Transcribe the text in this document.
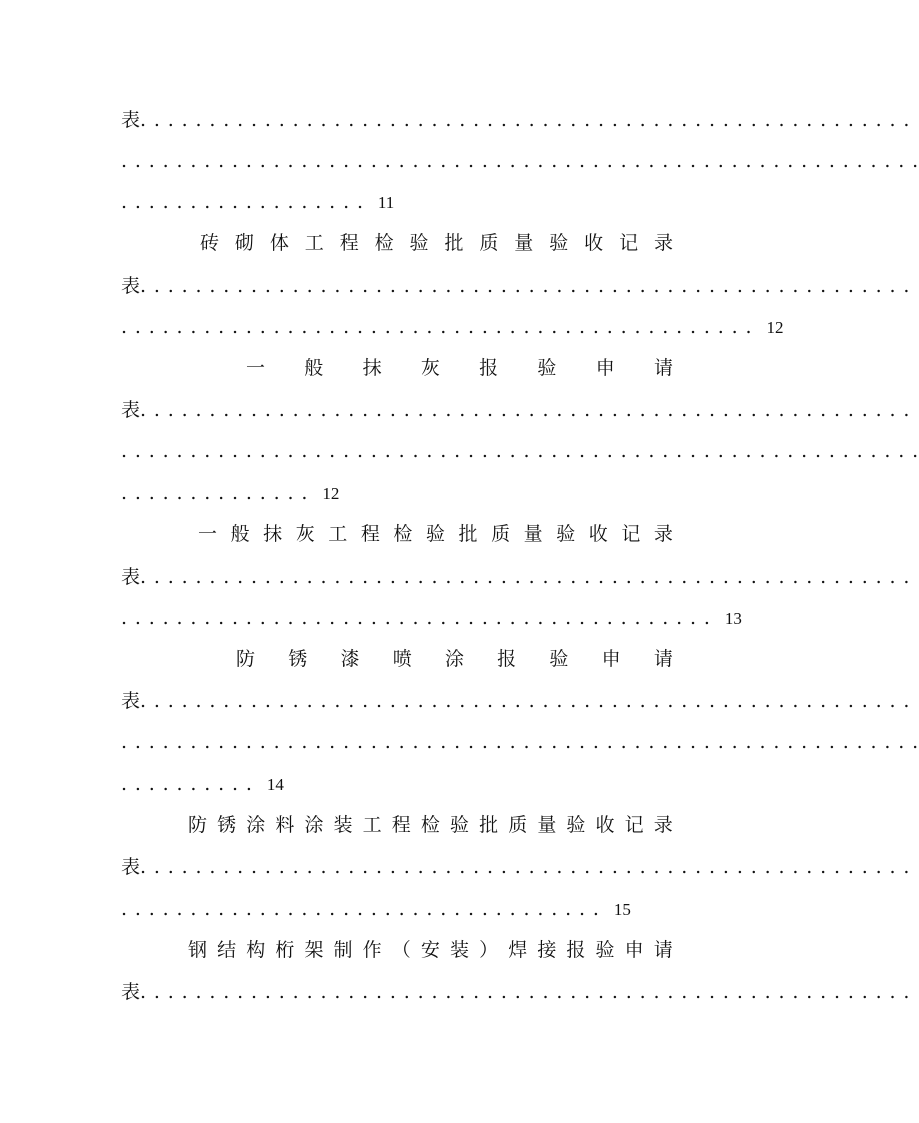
表. . . . . . . . . . . . . . . . . . . . . . . . . . . . . . . . . . . . . . . . . . . . . . . . . . . . . . . .
. . . . . . . . . . . . . . . . . . . . . . . . . . . . . . . . . . . . . . . . . . . . . . . . . . . . . . . . . .
. . . . . . . . . . . . . . . . . . 11
砖 砌 体 工 程 检 验 批 质 量 验 收 记 录
表. . . . . . . . . . . . . . . . . . . . . . . . . . . . . . . . . . . . . . . . . . . . . . . . . . . . . . . .
. . . . . . . . . . . . . . . . . . . . . . . . . . . . . . . . . . . . . . . . . . . . . . 12
一 般 抹 灰 报 验 申 请
表. . . . . . . . . . . . . . . . . . . . . . . . . . . . . . . . . . . . . . . . . . . . . . . . . . . . . . . .
. . . . . . . . . . . . . . . . . . . . . . . . . . . . . . . . . . . . . . . . . . . . . . . . . . . . . . . . . .
. . . . . . . . . . . . . . 12
一 般 抹 灰 工 程 检 验 批 质 量 验 收 记 录
表. . . . . . . . . . . . . . . . . . . . . . . . . . . . . . . . . . . . . . . . . . . . . . . . . . . . . . . .
. . . . . . . . . . . . . . . . . . . . . . . . . . . . . . . . . . . . . . . . . . . 13
防 锈 漆 喷 涂 报 验 申 请
表. . . . . . . . . . . . . . . . . . . . . . . . . . . . . . . . . . . . . . . . . . . . . . . . . . . . . . . .
. . . . . . . . . . . . . . . . . . . . . . . . . . . . . . . . . . . . . . . . . . . . . . . . . . . . . . . . . .
. . . . . . . . . . 14
防 锈 涂 料 涂 装 工 程 检 验 批 质 量 验 收 记 录
表. . . . . . . . . . . . . . . . . . . . . . . . . . . . . . . . . . . . . . . . . . . . . . . . . . . . . . . .
. . . . . . . . . . . . . . . . . . . . . . . . . . . . . . . . . . . 15
钢 结 构 桁 架 制 作 （ 安 装 ） 焊 接 报 验 申 请
表. . . . . . . . . . . . . . . . . . . . . . . . . . . . . . . . . . . . . . . . . . . . . . . . . . . . . . . .
